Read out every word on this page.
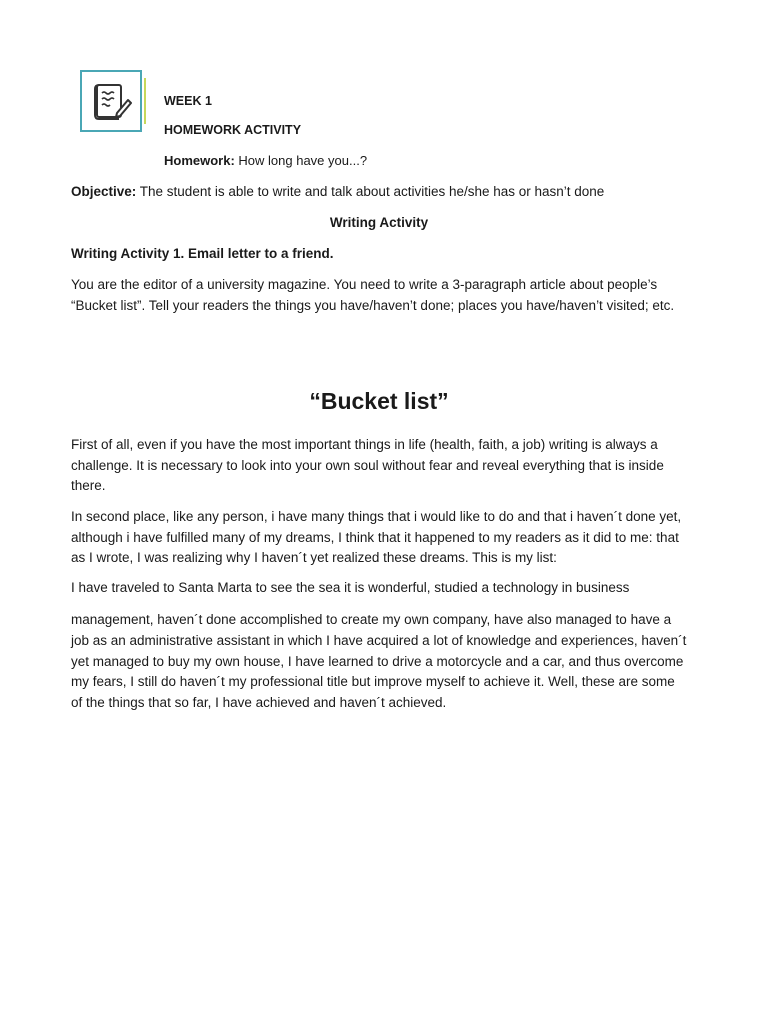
WEEK 1
HOMEWORK ACTIVITY
Homework: How long have you...?
Objective: The student is able to write and talk about activities he/she has or hasn’t done
Writing Activity
Writing Activity 1. Email letter to a friend.
You are the editor of a university magazine. You need to write a 3-paragraph article about people’s “Bucket list”. Tell your readers the things you have/haven’t done; places you have/haven’t visited; etc.
“Bucket list”
First of all, even if you have the most important things in life (health, faith, a job) writing is always a challenge. It is necessary to look into your own soul without fear and reveal everything that is inside there.
In second place, like any person, i have many things that i would like to do and that i haven´t done yet, although i have fulfilled many of my dreams, I think that it happened to my readers as it did to me: that as I wrote, I was realizing why I haven´t yet realized these dreams. This is my list:
I have traveled to Santa Marta to see the sea it is wonderful, studied a technology in business
management, haven´t done accomplished to create my own company, have also managed to have a job as an administrative assistant in which I have acquired a lot of knowledge and experiences, haven´t yet managed to buy my own house, I have learned to drive a motorcycle and a car, and thus overcome my fears, I still do haven´t my professional title but improve myself to achieve it. Well, these are some of the things that so far, I have achieved and haven´t achieved.
